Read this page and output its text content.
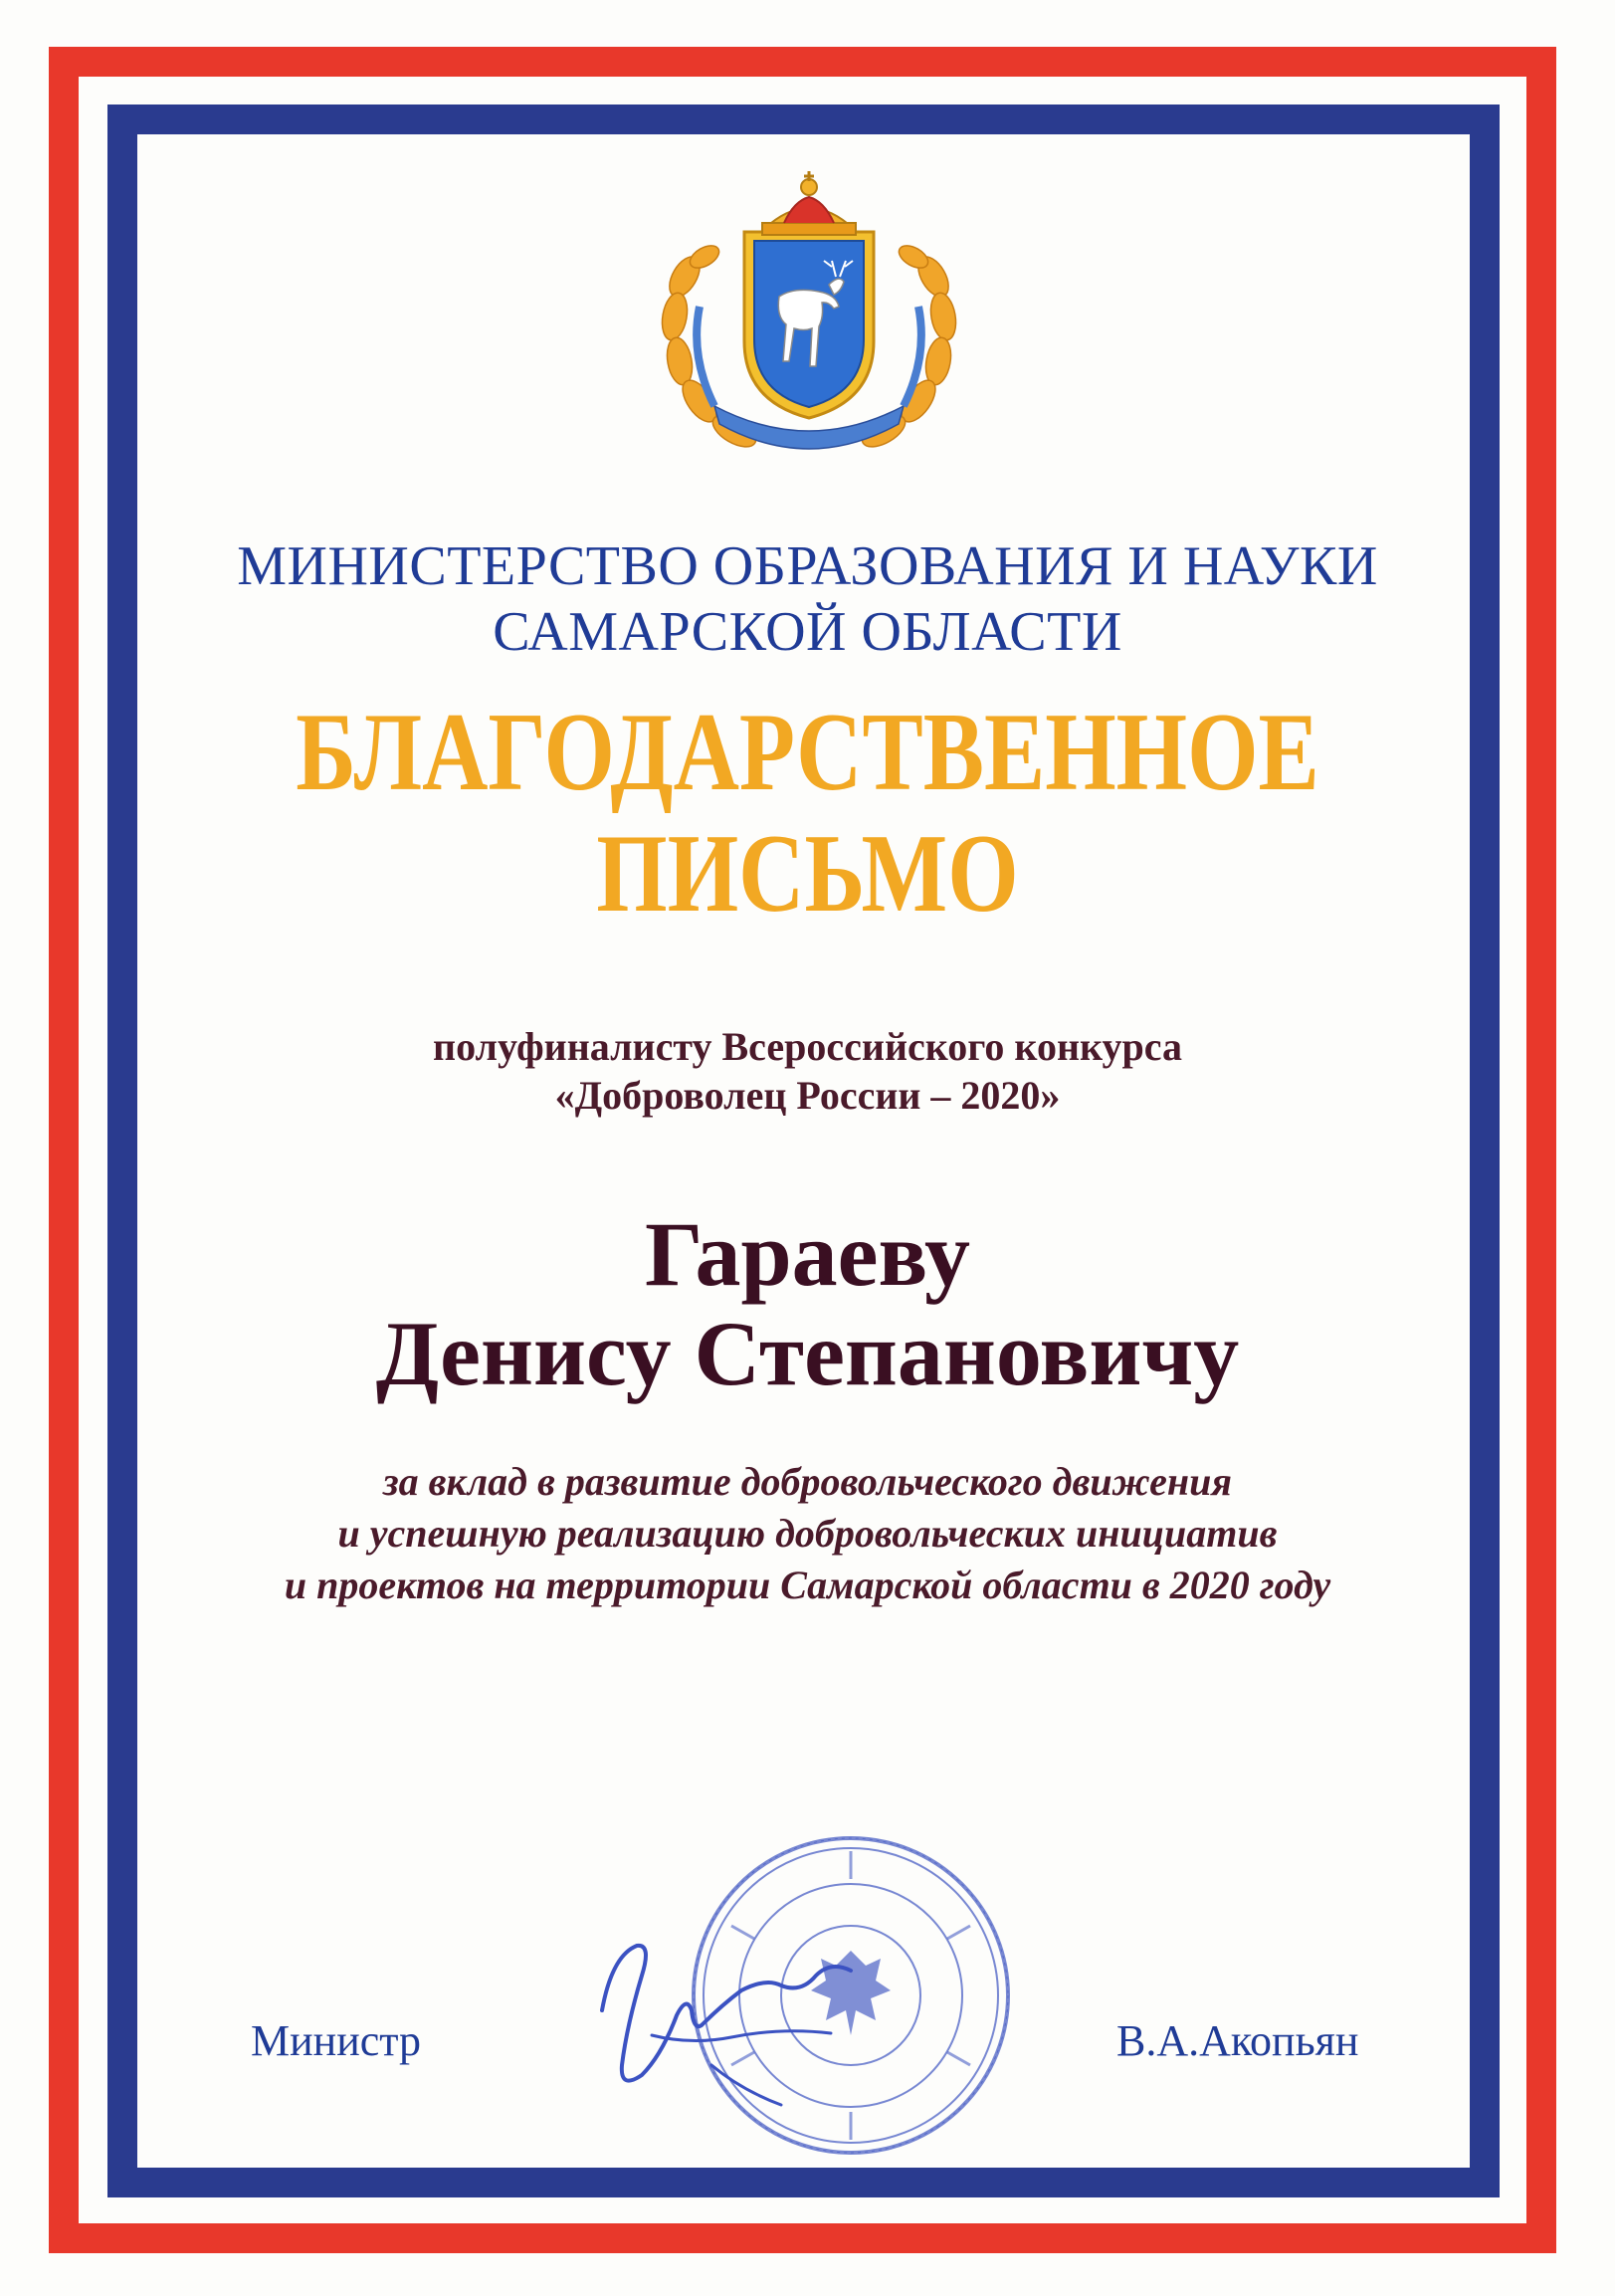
МИНИСТЕРСТВО ОБРАЗОВАНИЯ И НАУКИ
САМАРСКОЙ ОБЛАСТИ
БЛАГОДАРСТВЕННОЕ
ПИСЬМО
полуфиналисту Всероссийского конкурса
«Доброволец России – 2020»
Гараеву
Денису Степановичу
за вклад в развитие добровольческого движения
и успешную реализацию добровольческих инициатив
и проектов на территории Самарской области в 2020 году
Министр	В.А.Акопьян
